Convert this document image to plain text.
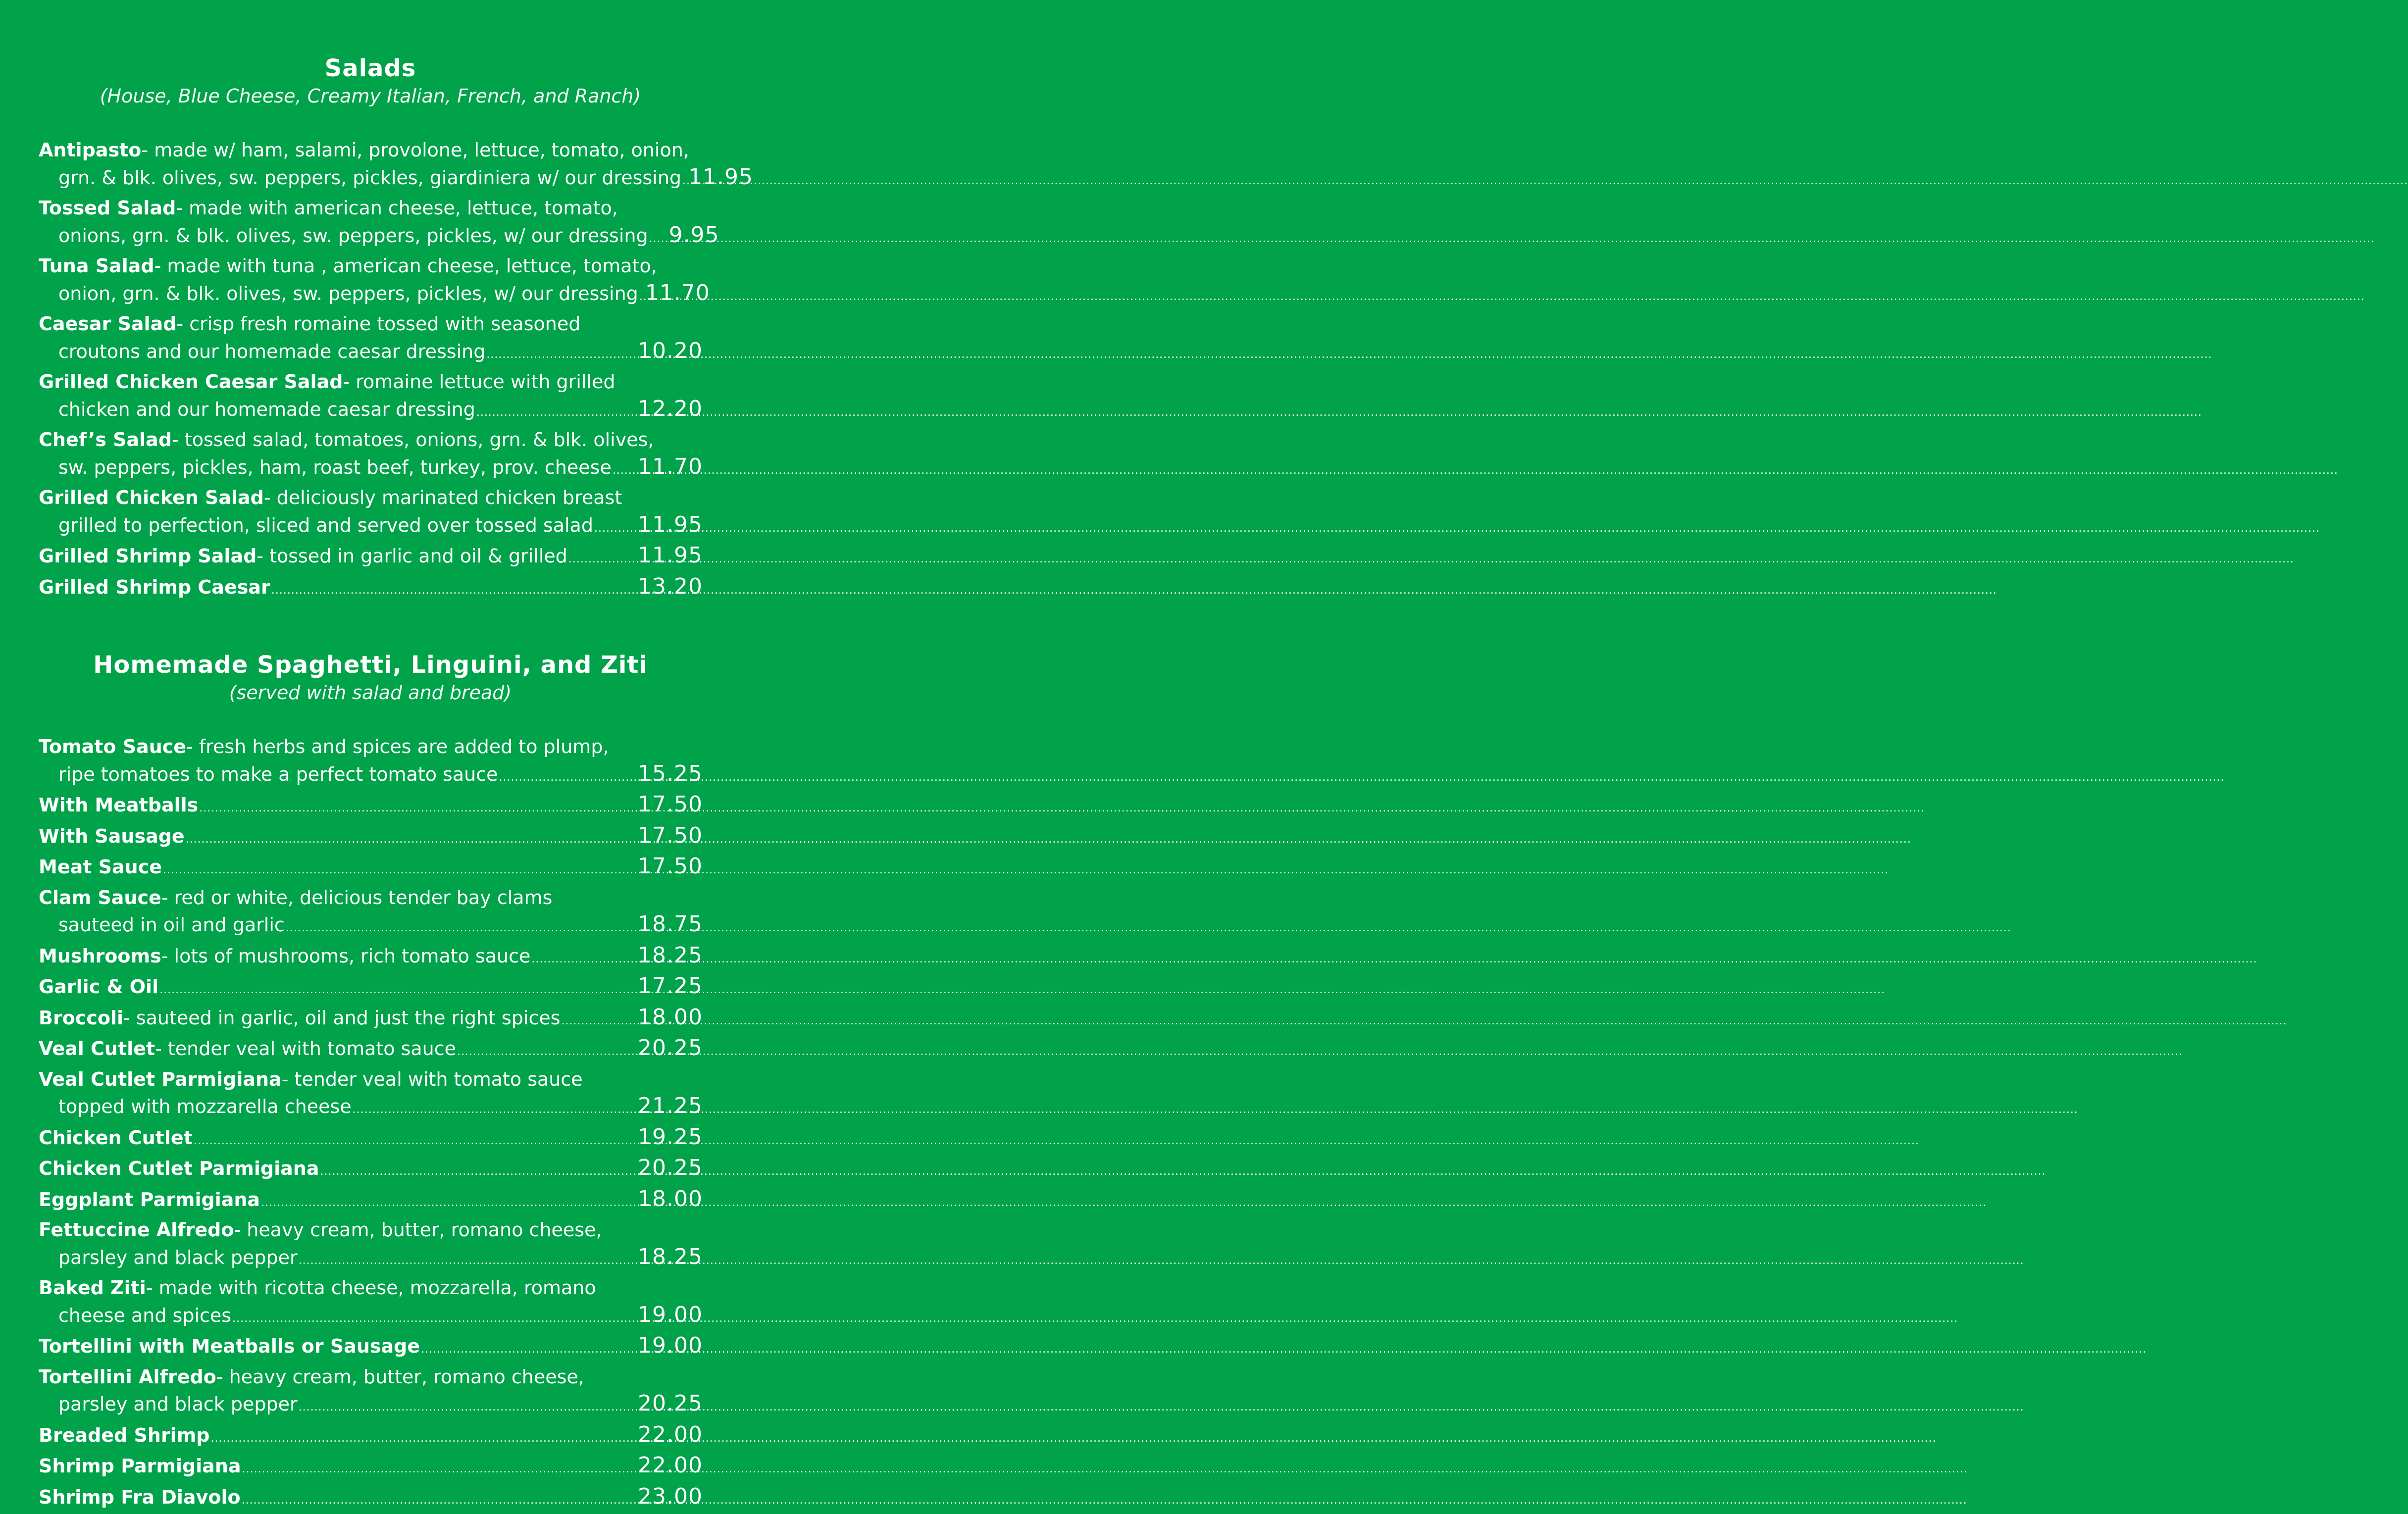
Salads

(House, Blue Cheese, Creamy Italian, French, and Ranch)

Antipasto - made w/ ham, salami, provolone, lettuce, tomato, onion,
grn. & blk. olives, sw. peppers, pickles, giardiniera w/ our dressing ..... 11.95
Tossed Salad - made with american cheese, lettuce, tomato,
onions, grn. & blk. olives, sw. peppers, pickles, w/ our dressing ..... 9.95
Tuna Salad - made with tuna , american cheese, lettuce, tomato,
onion, grn. & blk. olives, sw. peppers, pickles, w/ our dressing ..... 11.70
Caesar Salad - crisp fresh romaine tossed with seasoned
croutons and our homemade caesar dressing .....	10.20
Grilled Chicken Caesar Salad - romaine lettuce with grilled
chicken and our homemade caesar dressing .....	12.20
Chef’s Salad - tossed salad, tomatoes, onions, grn. & blk. olives,
sw. peppers, pickles, ham, roast beef, turkey, prov. cheese ..... 11.70
Grilled Chicken Salad - deliciously marinated chicken breast
grilled to perfection, sliced and served over tossed salad ..... 11.95
Grilled Shrimp Salad - tossed in garlic and oil & grilled .....	11.95
Grilled Shrimp Caesar .....	13.20
Homemade Spaghetti, Linguini, and Ziti

(served with salad and bread)

Tomato Sauce - fresh herbs and spices are added to plump,
ripe tomatoes to make a perfect tomato sauce .....	15.25
With Meatballs .....	17.50
With Sausage .....	17.50
Meat Sauce .....	17.50
Clam Sauce - red or white, delicious tender bay clams
sauteed in oil and garlic .....	18.75
Mushrooms - lots of mushrooms, rich tomato sauce .....	18.25
Garlic & Oil .....	17.25
Broccoli - sauteed in garlic, oil and just the right spices .....	18.00
Veal Cutlet - tender veal with tomato sauce .....	20.25
Veal Cutlet Parmigiana - tender veal with tomato sauce
topped with mozzarella cheese .....	21.25
Chicken Cutlet .....	19.25
Chicken Cutlet Parmigiana .....	20.25
Eggplant Parmigiana .....	18.00
Fettuccine Alfredo - heavy cream, butter, romano cheese,
parsley and black pepper .....	18.25
Baked Ziti - made with ricotta cheese, mozzarella, romano
cheese and spices .....	19.00
Tortellini with Meatballs or Sausage .....	19.00
Tortellini Alfredo - heavy cream, butter, romano cheese,
parsley and black pepper .....	20.25
Breaded Shrimp .....	22.00
Shrimp Parmigiana .....	22.00
Shrimp Fra Diavolo .....	23.00
